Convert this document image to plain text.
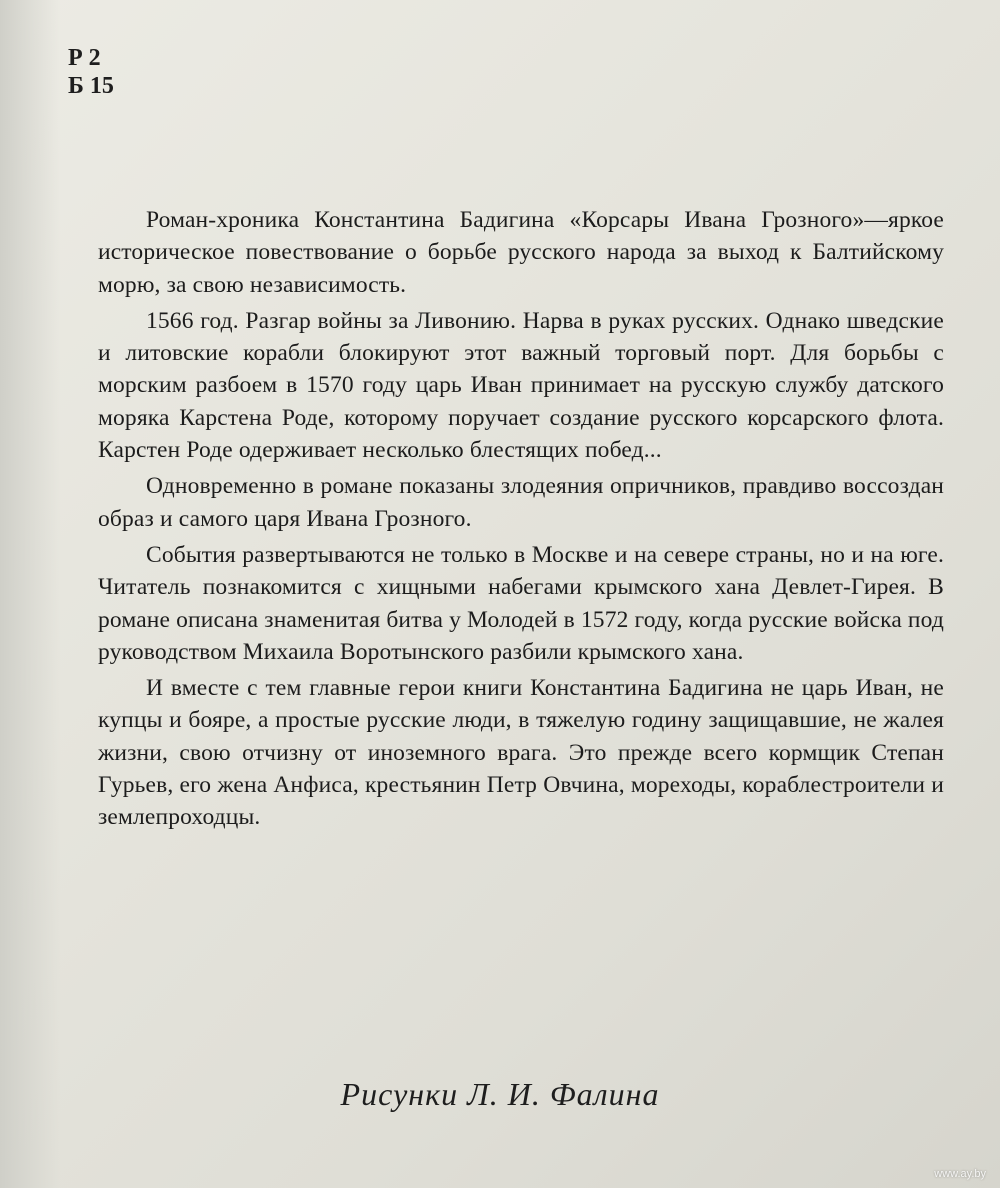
Р 2
Б 15

Роман-хроника Константина Бадигина «Корсары Ивана Грозного»—яркое историческое повествование о борьбе русского народа за выход к Балтийскому морю, за свою независимость.

1566 год. Разгар войны за Ливонию. Нарва в руках русских. Однако шведские и литовские корабли блокируют этот важный торговый порт. Для борьбы с морским разбоем в 1570 году царь Иван принимает на русскую службу датского моряка Карстена Роде, которому поручает создание русского корсарского флота. Карстен Роде одерживает несколько блестящих побед...

Одновременно в романе показаны злодеяния опричников, правдиво воссоздан образ и самого царя Ивана Грозного.

События развертываются не только в Москве и на севере страны, но и на юге. Читатель познакомится с хищными набегами крымского хана Девлет-Гирея. В романе описана знаменитая битва у Молодей в 1572 году, когда русские войска под руководством Михаила Воротынского разбили крымского хана.

И вместе с тем главные герои книги Константина Бадигина не царь Иван, не купцы и бояре, а простые русские люди, в тяжелую годину защищавшие, не жалея жизни, свою отчизну от иноземного врага. Это прежде всего кормщик Степан Гурьев, его жена Анфиса, крестьянин Петр Овчина, мореходы, кораблестроители и землепроходцы.

Рисунки Л. И. Фалина
www.ay.by
